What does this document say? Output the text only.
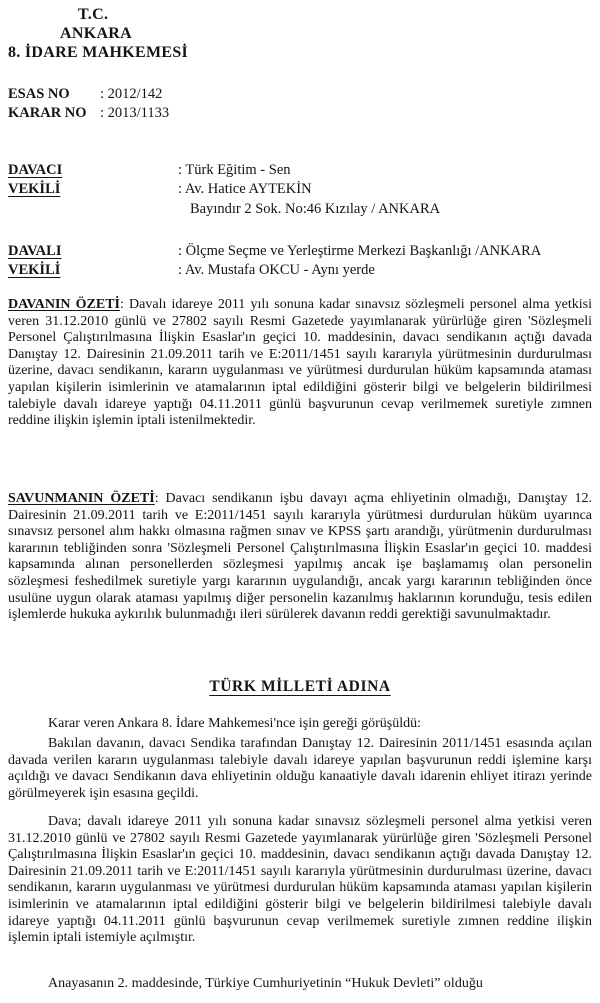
T.C.
ANKARA
8. İDARE MAHKEMESİ
ESAS NO : 2012/142
KARAR NO : 2013/1133
DAVACI	: Türk Eğitim - Sen
VEKİLİ	: Av. Hatice AYTEKİN
Bayındır 2 Sok. No:46 Kızılay / ANKARA
DAVALI	: Ölçme Seçme ve Yerleştirme Merkezi Başkanlığı /ANKARA
VEKİLİ	: Av. Mustafa OKCU - Aynı yerde

DAVANIN ÖZETİ: Davalı idareye 2011 yılı sonuna kadar sınavsız sözleşmeli personel alma yetkisi veren 31.12.2010 günlü ve 27802 sayılı Resmi Gazetede yayımlanarak yürürlüğe giren 'Sözleşmeli Personel Çalıştırılmasına İlişkin Esaslar'ın geçici 10. maddesinin, davacı sendikanın açtığı davada Danıştay 12. Dairesinin 21.09.2011 tarih ve E:2011/1451 sayılı kararıyla yürütmesinin durdurulması üzerine, davacı sendikanın, kararın uygulanması ve yürütmesi durdurulan hüküm kapsamında ataması yapılan kişilerin isimlerinin ve atamalarının iptal edildiğini gösterir bilgi ve belgelerin bildirilmesi talebiyle davalı idareye yaptığı 04.11.2011 günlü başvurunun cevap verilmemek suretiyle zımnen reddine ilişkin işlemin iptali istenilmektedir.

SAVUNMANIN ÖZETİ: Davacı sendikanın işbu davayı açma ehliyetinin olmadığı, Danıştay 12. Dairesinin 21.09.2011 tarih ve E:2011/1451 sayılı kararıyla yürütmesi durdurulan hüküm uyarınca sınavsız personel alım hakkı olmasına rağmen sınav ve KPSS şartı arandığı, yürütmenin durdurulması kararının tebliğinden sonra 'Sözleşmeli Personel Çalıştırılmasına İlişkin Esaslar'ın geçici 10. maddesi kapsamında alınan personellerden sözleşmesi yapılmış ancak işe başlamamış olan personelin sözleşmesi feshedilmek suretiyle yargı kararının uygulandığı, ancak yargı kararının tebliğinden önce usulüne uygun olarak ataması yapılmış diğer personelin kazanılmış haklarının korunduğu, tesis edilen işlemlerde hukuka aykırılık bulunmadığı ileri sürülerek davanın reddi gerektiği savunulmaktadır.

TÜRK MİLLETİ ADINA

Karar veren Ankara 8. İdare Mahkemesi'nce işin gereği görüşüldü:

Bakılan davanın, davacı Sendika tarafından Danıştay 12. Dairesinin 2011/1451 esasında açılan davada verilen kararın uygulanması talebiyle davalı idareye yapılan başvurunun reddi işlemine karşı açıldığı ve davacı Sendikanın dava ehliyetinin olduğu kanaatiyle davalı idarenin ehliyet itirazı yerinde görülmeyerek işin esasına geçildi.

Dava; davalı idareye 2011 yılı sonuna kadar sınavsız sözleşmeli personel alma yetkisi veren 31.12.2010 günlü ve 27802 sayılı Resmi Gazetede yayımlanarak yürürlüğe giren 'Sözleşmeli Personel Çalıştırılmasına İlişkin Esaslar'ın geçici 10. maddesinin, davacı sendikanın açtığı davada Danıştay 12. Dairesinin 21.09.2011 tarih ve E:2011/1451 sayılı kararıyla yürütmesinin durdurulması üzerine, davacı sendikanın, kararın uygulanması ve yürütmesi durdurulan hüküm kapsamında ataması yapılan kişilerin isimlerinin ve atamalarının iptal edildiğini gösterir bilgi ve belgelerin bildirilmesi talebiyle davalı idareye yaptığı 04.11.2011 günlü başvurunun cevap verilmemek suretiyle zımnen reddine ilişkin işlemin iptali istemiyle açılmıştır.

Anayasanın 2. maddesinde, Türkiye Cumhuriyetinin “Hukuk Devleti” olduğu
